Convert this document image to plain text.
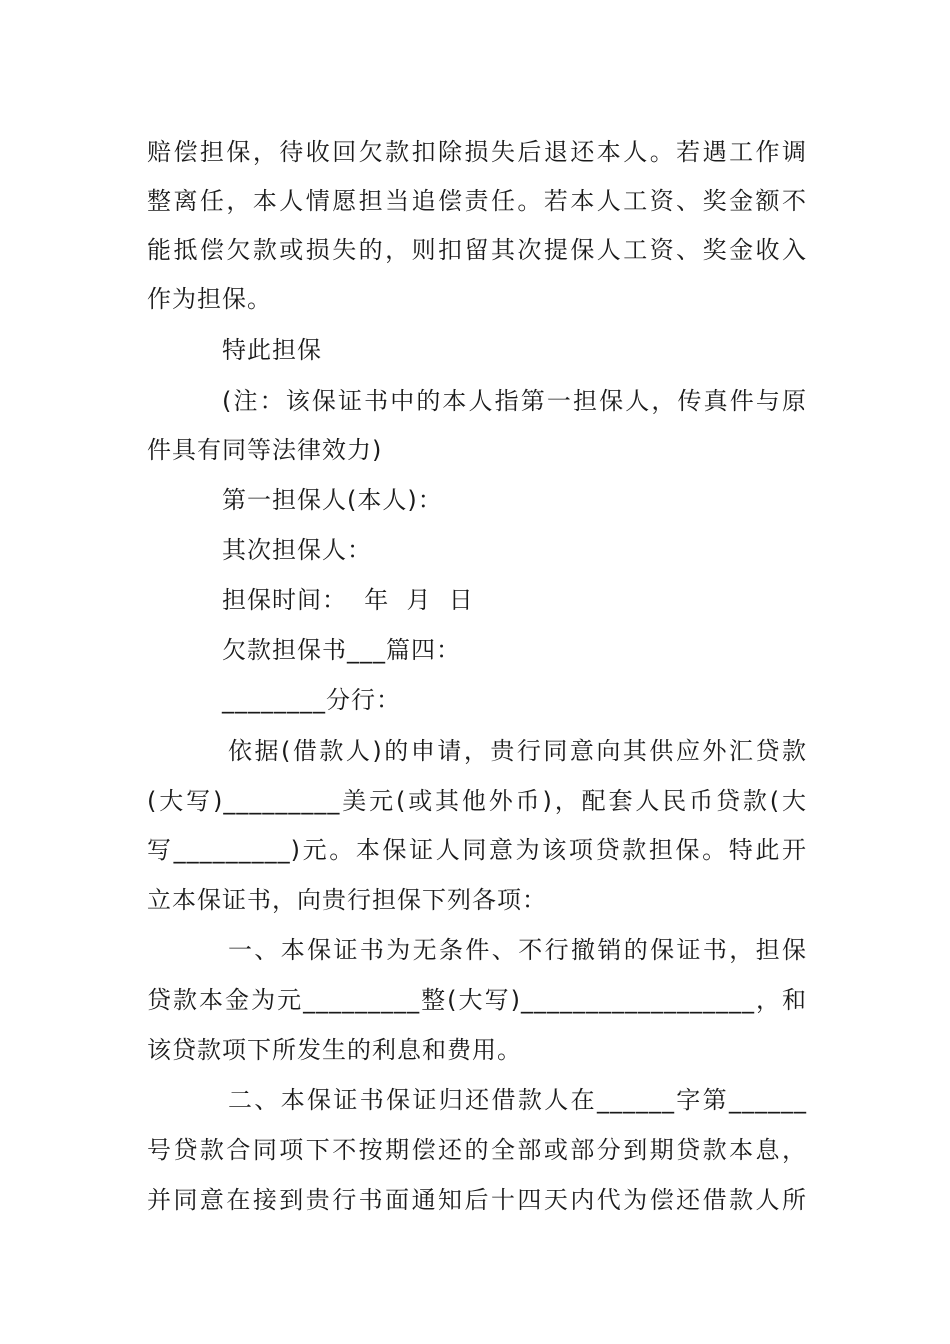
赔偿担保，待收回欠款扣除损失后退还本人。若遇工作调
整离任，本人情愿担当追偿责任。若本人工资、奖金额不
能抵偿欠款或损失的，则扣留其次提保人工资、奖金收入
作为担保。
特此担保
(注：该保证书中的本人指第一担保人，传真件与原
件具有同等法律效力)
第一担保人(本人)：
其次担保人：
担保时间：  年  月  日
欠款担保书___篇四：
________分行：
依据(借款人)的申请，贵行同意向其供应外汇贷款
(大写)_________美元(或其他外币)，配套人民币贷款(大
写_________)元。本保证人同意为该项贷款担保。特此开
立本保证书，向贵行担保下列各项：
一、本保证书为无条件、不行撤销的保证书，担保
贷款本金为元_________整(大写)__________________，和
该贷款项下所发生的利息和费用。
二、本保证书保证归还借款人在______字第______
号贷款合同项下不按期偿还的全部或部分到期贷款本息，
并同意在接到贵行书面通知后十四天内代为偿还借款人所
